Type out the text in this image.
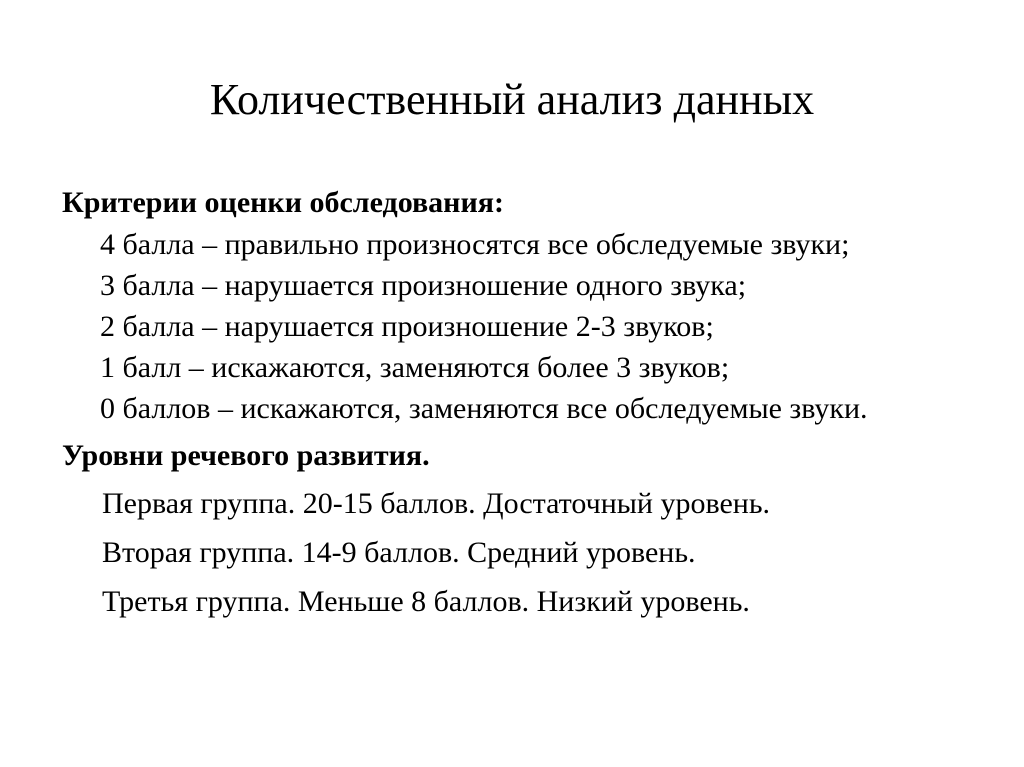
Количественный анализ данных

Критерии оценки обследования:

4 балла – правильно произносятся все обследуемые звуки;
3 балла – нарушается произношение одного звука;
2 балла – нарушается произношение 2-3 звуков;
1 балл – искажаются, заменяются более 3 звуков;
0 баллов – искажаются, заменяются все обследуемые звуки.

Уровни речевого развития.

Первая группа. 20-15 баллов. Достаточный уровень.
Вторая группа. 14-9 баллов. Средний уровень.
Третья группа. Меньше 8 баллов. Низкий уровень.
